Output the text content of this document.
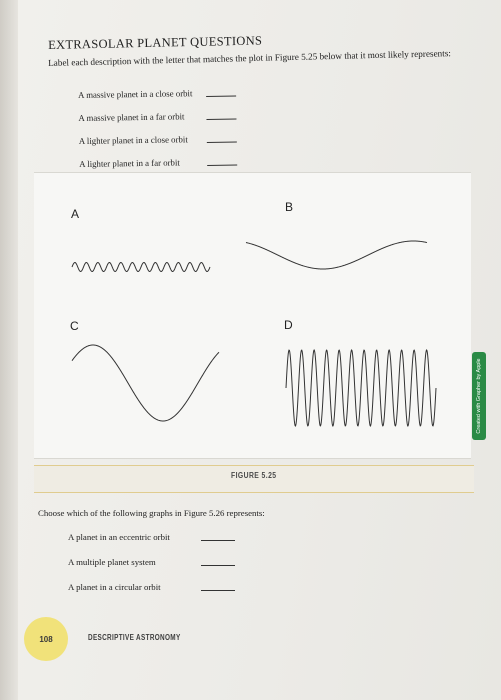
EXTRASOLAR PLANET QUESTIONS

Label each description with the letter that matches the plot in Figure 5.25 below that it most likely represents:

A massive planet in a close orbit
A massive planet in a far orbit
A lighter planet in a close orbit
A lighter planet in a far orbit
A	B
C	D
FIGURE 5.25

Choose which of the following graphs in Figure 5.26 represents:

A planet in an eccentric orbit
A multiple planet system
A planet in a circular orbit
108	DESCRIPTIVE ASTRONOMY
Created with Grapher by Apple
